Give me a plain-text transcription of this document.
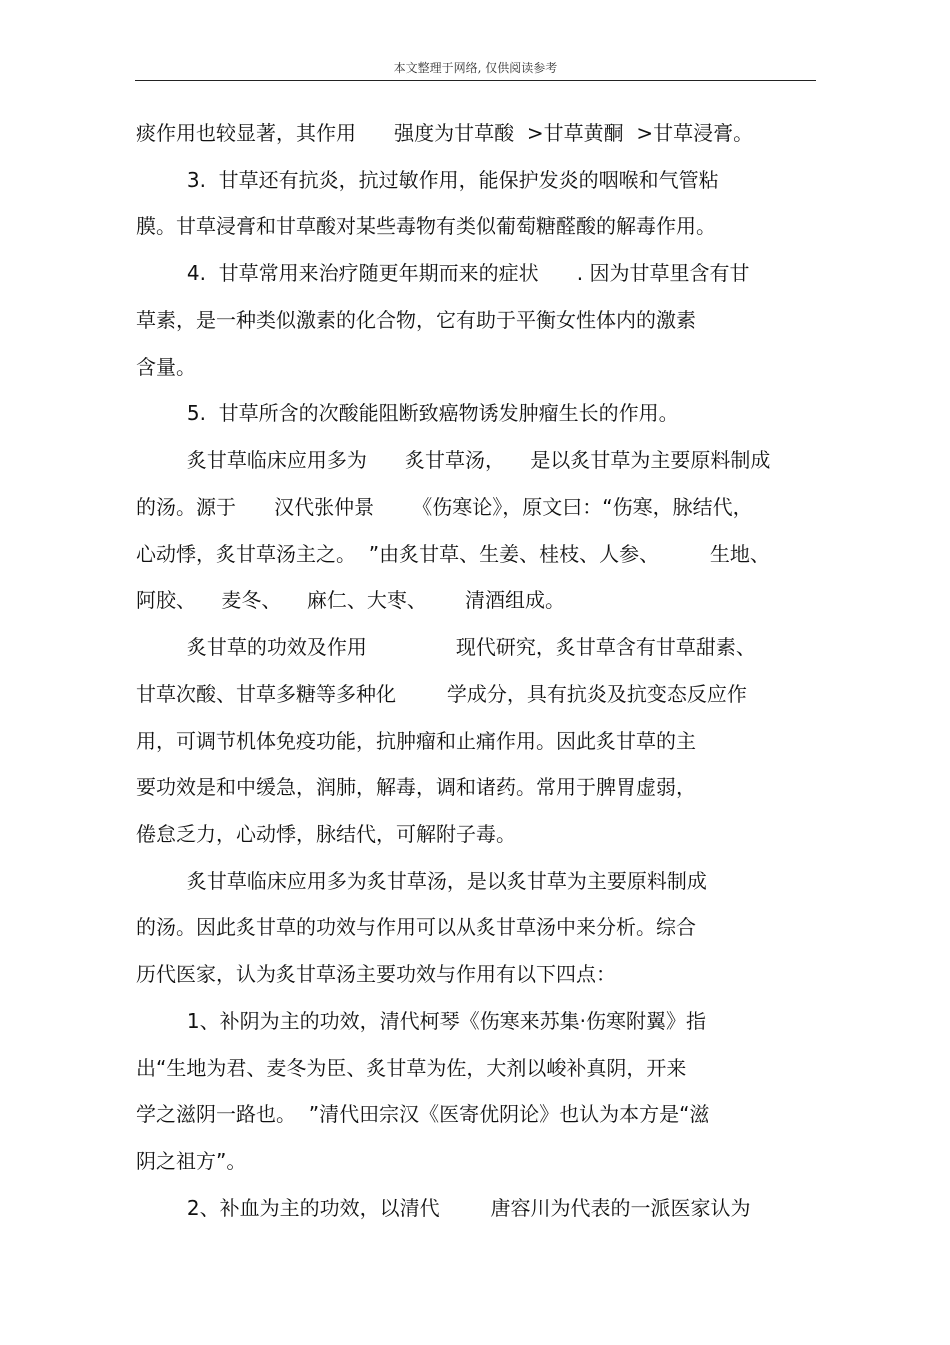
本文整理于网络, 仅供阅读参考
痰作用也较显著，其作用      强度为甘草酸  >甘草黄酮  >甘草浸膏。
3.  甘草还有抗炎，抗过敏作用，能保护发炎的咽喉和气管粘
膜。甘草浸膏和甘草酸对某些毒物有类似葡萄糖醛酸的解毒作用。
4.  甘草常用来治疗随更年期而来的症状      . 因为甘草里含有甘
草素，是一种类似激素的化合物，它有助于平衡女性体内的激素
含量。
5.  甘草所含的次酸能阻断致癌物诱发肿瘤生长的作用。
炙甘草临床应用多为      炙甘草汤，    是以炙甘草为主要原料制成
的汤。源于      汉代张仲景      《伤寒论》，原文曰：“伤寒，脉结代，
心动悸，炙甘草汤主之。  ”由炙甘草、生姜、桂枝、人参、        生地、
阿胶、    麦冬、    麻仁、大枣、      清酒组成。
炙甘草的功效及作用              现代研究，炙甘草含有甘草甜素、
甘草次酸、甘草多糖等多种化        学成分，具有抗炎及抗变态反应作
用，可调节机体免疫功能，抗肿瘤和止痛作用。因此炙甘草的主
要功效是和中缓急，润肺，解毒，调和诸药。常用于脾胃虚弱，
倦怠乏力，心动悸，脉结代，可解附子毒。
炙甘草临床应用多为炙甘草汤，是以炙甘草为主要原料制成
的汤。因此炙甘草的功效与作用可以从炙甘草汤中来分析。综合
历代医家，认为炙甘草汤主要功效与作用有以下四点：
1、补阴为主的功效，清代柯琴《伤寒来苏集·伤寒附翼》指
出“生地为君、麦冬为臣、炙甘草为佐，大剂以峻补真阴，开来
学之滋阴一路也。  ”清代田宗汉《医寄优阴论》也认为本方是“滋
阴之祖方”。
2、补血为主的功效，以清代        唐容川为代表的一派医家认为
